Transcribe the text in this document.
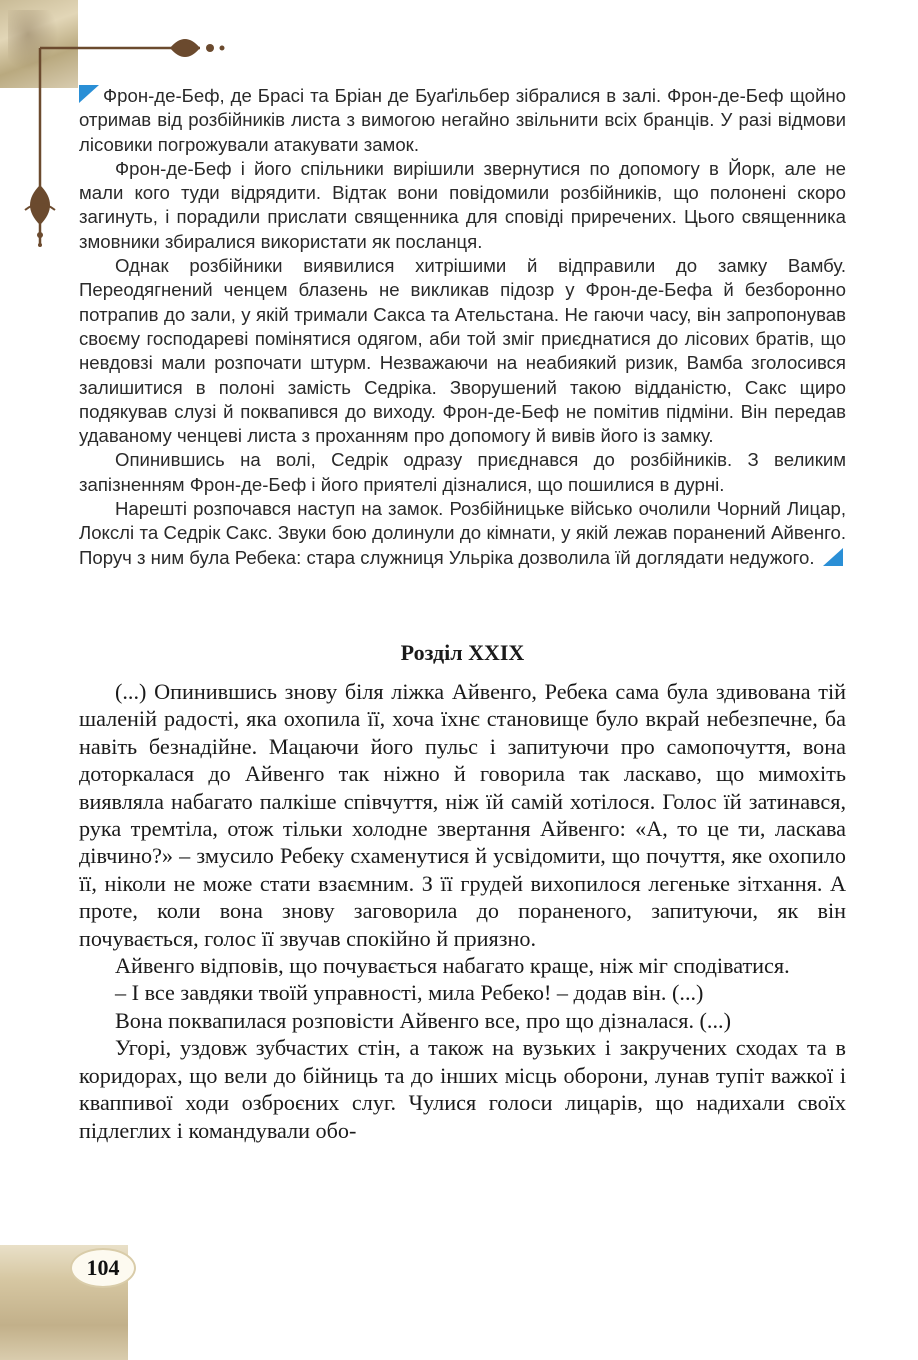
Фрон-де-Беф, де Брасі та Бріан де Буаґільбер зібралися в залі. Фрон-де-Беф щойно отримав від розбійників листа з вимогою негайно звільнити всіх бранців. У разі відмови лісовики погрожували атакувати замок.

Фрон-де-Беф і його спільники вирішили звернутися по допомогу в Йорк, але не мали кого туди відрядити. Відтак вони повідомили розбійників, що полонені скоро загинуть, і порадили прислати священника для сповіді приречених. Цього священника змовники збиралися використати як посланця.

Однак розбійники виявилися хитрішими й відправили до замку Вамбу. Переодягнений ченцем блазень не викликав підозр у Фрон-де-Бефа й безборонно потрапив до зали, у якій тримали Сакса та Ательстана. Не гаючи часу, він запропонував своєму господареві помінятися одягом, аби той зміг приєднатися до лісових братів, що невдовзі мали розпочати штурм. Незважаючи на неабиякий ризик, Вамба зголосився залишитися в полоні замість Седріка. Зворушений такою відданістю, Сакс щиро подякував слузі й поквапився до виходу. Фрон-де-Беф не помітив підміни. Він передав удаваному ченцеві листа з проханням про допомогу й вивів його із замку.

Опинившись на волі, Седрік одразу приєднався до розбійників. З великим запізненням Фрон-де-Беф і його приятелі дізналися, що пошилися в дурні.

Нарешті розпочався наступ на замок. Розбійницьке військо очолили Чорний Лицар, Локслі та Седрік Сакс. Звуки бою долинули до кімнати, у якій лежав поранений Айвенго. Поруч з ним була Ребека: стара служниця Ульріка дозволила їй доглядати недужого.

Розділ XXIX

(...) Опинившись знову біля ліжка Айвенго, Ребека сама була здивована тій шаленій радості, яка охопила її, хоча їхнє становище було вкрай небезпечне, ба навіть безнадійне. Мацаючи його пульс і запитуючи про самопочуття, вона доторкалася до Айвенго так ніжно й говорила так ласкаво, що мимохіть виявляла набагато палкіше співчуття, ніж їй самій хотілося. Голос їй затинався, рука тремтіла, отож тільки холодне звертання Айвенго: «А, то це ти, ласкава дівчино?» – змусило Ребеку схаменутися й усвідомити, що почуття, яке охопило її, ніколи не може стати взаємним. З її грудей вихопилося легеньке зітхання. А проте, коли вона знову заговорила до пораненого, запитуючи, як він почувається, голос її звучав спокійно й приязно.

Айвенго відповів, що почувається набагато краще, ніж міг сподіватися.

– І все завдяки твоїй управності, мила Ребеко! – додав він. (...)

Вона поквапилася розповісти Айвенго все, про що дізналася. (...)

Угорі, уздовж зубчастих стін, а також на вузьких і закручених сходах та в коридорах, що вели до бійниць та до інших місць оборони, лунав тупіт важкої і кваппивої ходи озброєних слуг. Чулися голоси лицарів, що надихали своїх підлеглих і командували обо-

104
